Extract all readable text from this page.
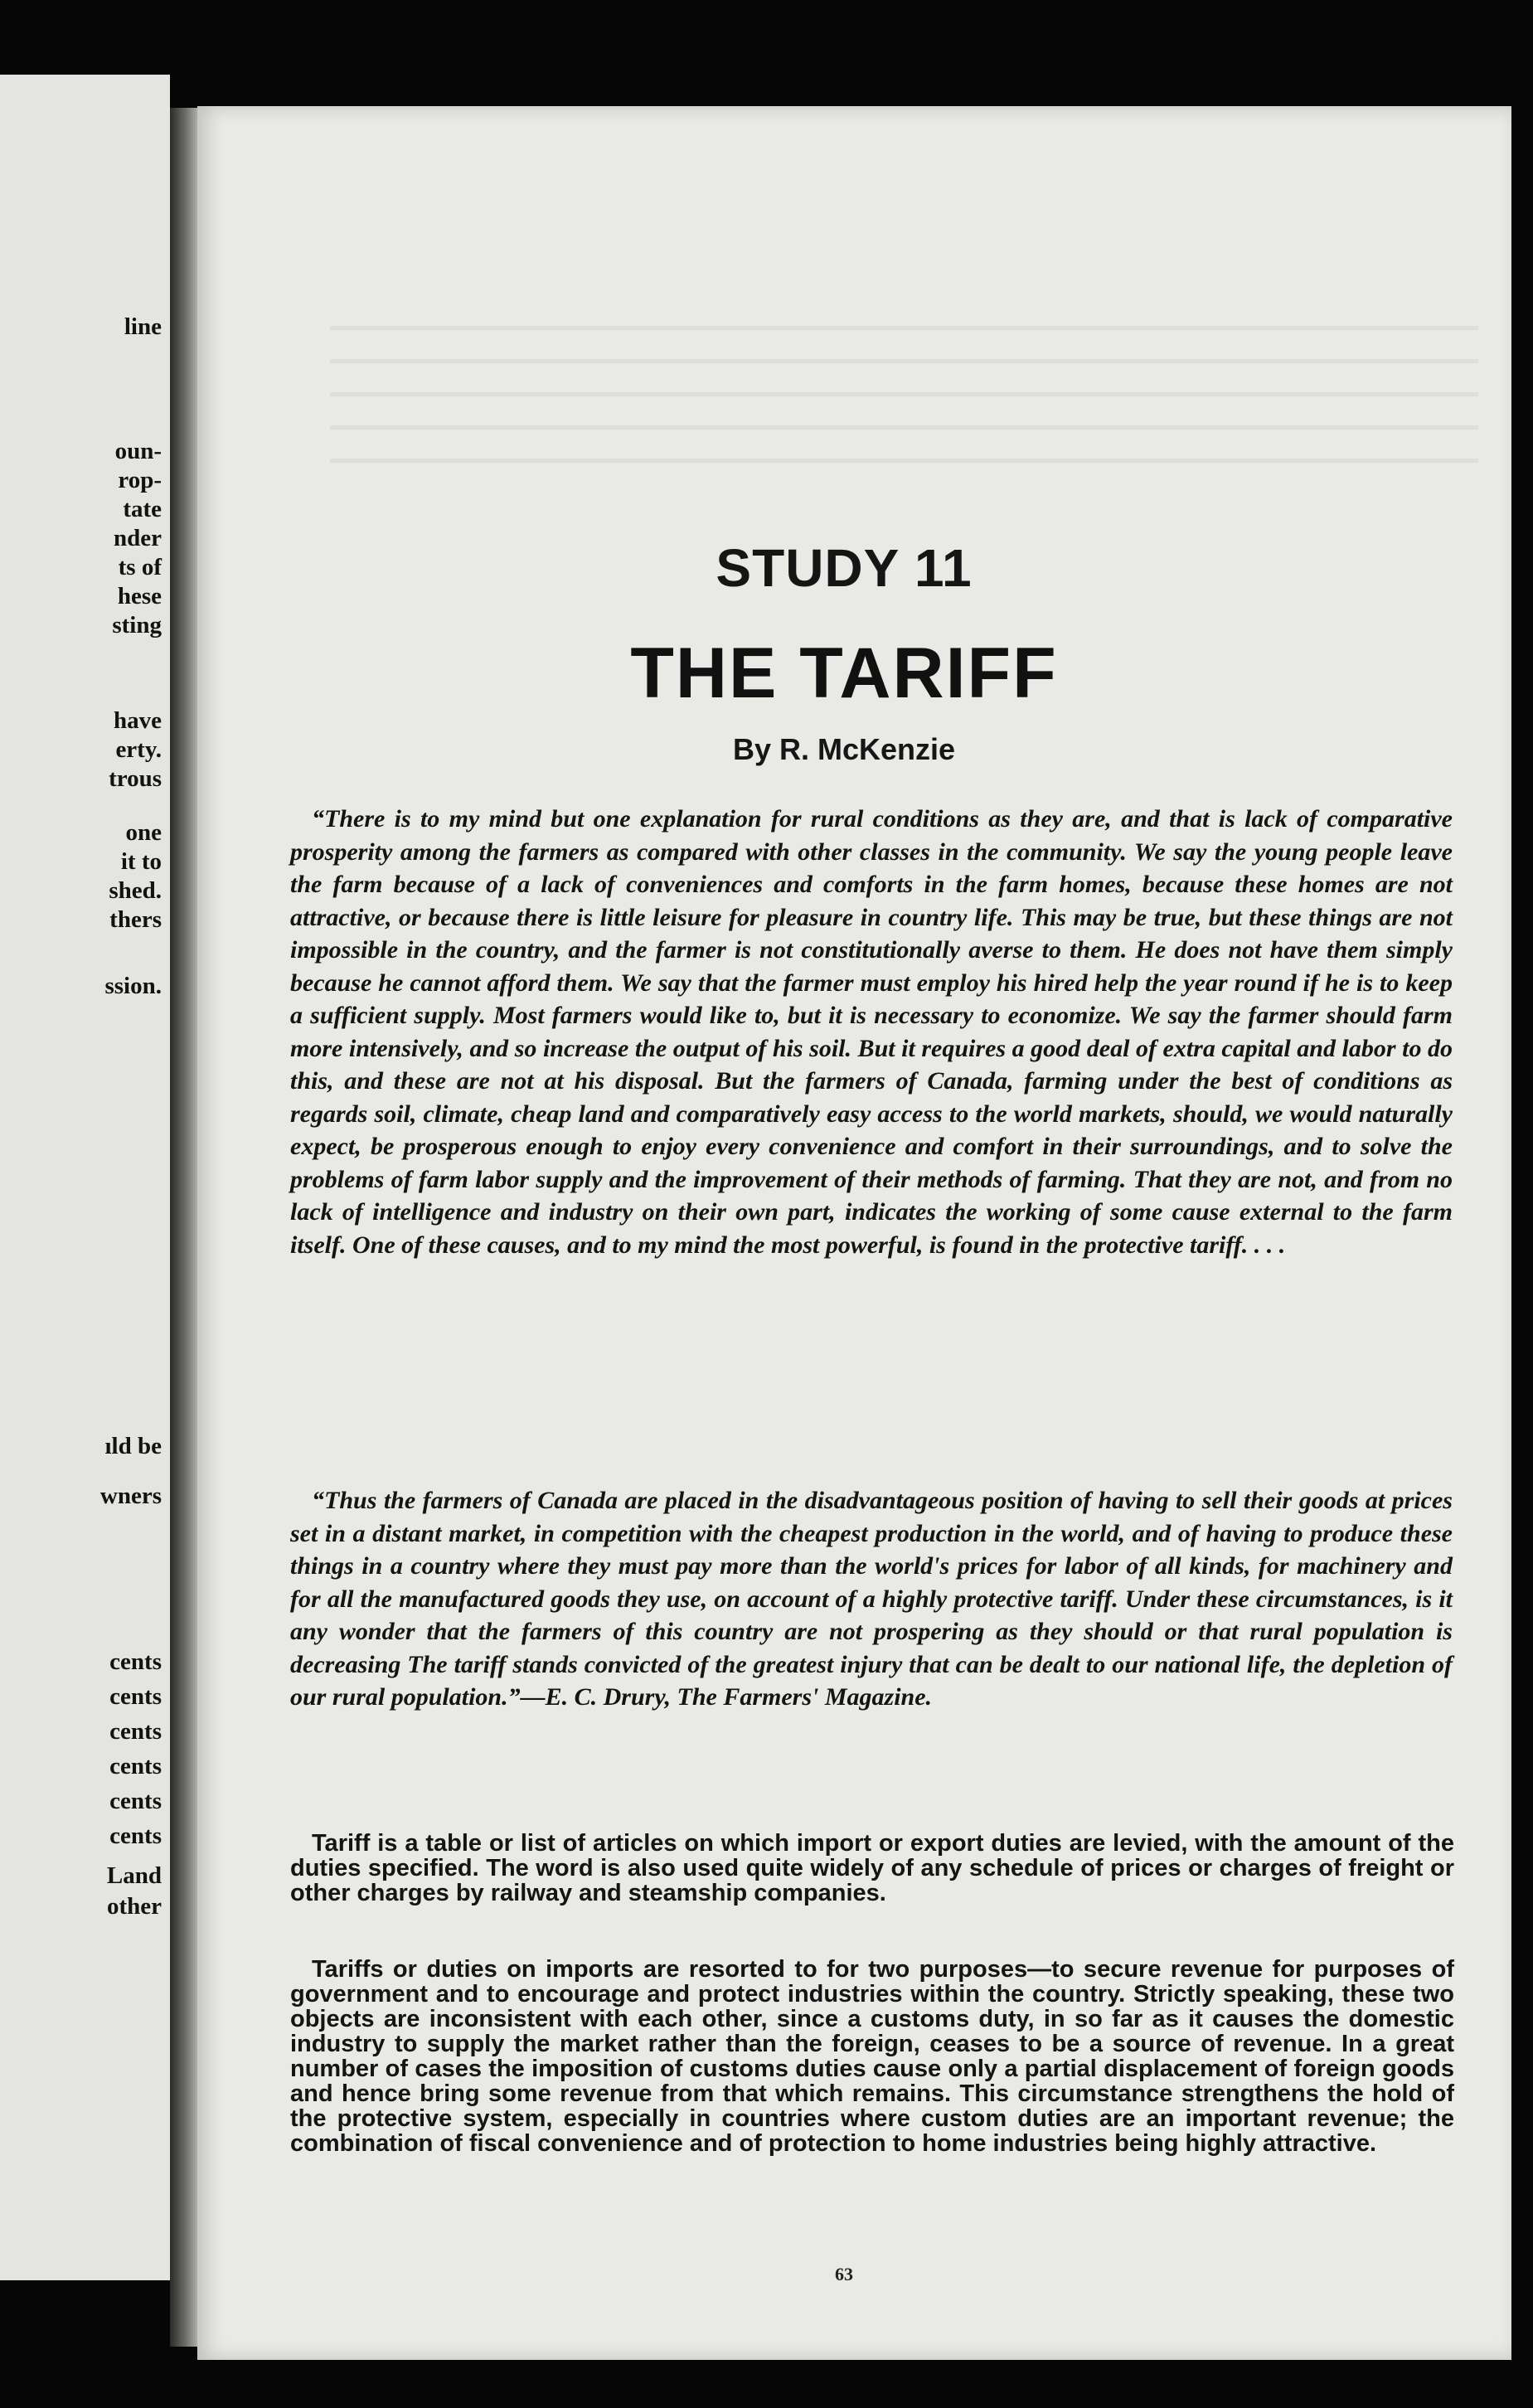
line
oun-
rop-
tate
nder
ts of
hese
sting
have
erty.
trous
one
it to
shed.
thers
ssion.
ıld be
wners
cents
cents
cents
cents
cents
cents
Land
other
STUDY 11
THE TARIFF
By R. McKenzie

“There is to my mind but one explanation for rural conditions as they are, and that is lack of comparative prosperity among the farmers as compared with other classes in the community. We say the young people leave the farm because of a lack of conveniences and comforts in the farm homes, because these homes are not attractive, or because there is little leisure for pleasure in country life. This may be true, but these things are not impossible in the country, and the farmer is not constitutionally averse to them. He does not have them simply because he cannot afford them. We say that the farmer must employ his hired help the year round if he is to keep a sufficient supply. Most farmers would like to, but it is necessary to economize. We say the farmer should farm more intensively, and so increase the output of his soil. But it requires a good deal of extra capital and labor to do this, and these are not at his disposal. But the farmers of Canada, farming under the best of conditions as regards soil, climate, cheap land and comparatively easy access to the world markets, should, we would naturally expect, be prosperous enough to enjoy every convenience and comfort in their surroundings, and to solve the problems of farm labor supply and the improvement of their methods of farming. That they are not, and from no lack of intelligence and industry on their own part, indicates the working of some cause external to the farm itself. One of these causes, and to my mind the most powerful, is found in the protective tariff. . . .

“Thus the farmers of Canada are placed in the disadvantageous position of having to sell their goods at prices set in a distant market, in competition with the cheapest production in the world, and of having to produce these things in a country where they must pay more than the world's prices for labor of all kinds, for machinery and for all the manufactured goods they use, on account of a highly protective tariff. Under these circumstances, is it any wonder that the farmers of this country are not prospering as they should or that rural population is decreasing The tariff stands convicted of the greatest injury that can be dealt to our national life, the depletion of our rural population.”—E. C. Drury, The Farmers' Magazine.

Tariff is a table or list of articles on which import or export duties are levied, with the amount of the duties specified. The word is also used quite widely of any schedule of prices or charges of freight or other charges by railway and steamship companies.

Tariffs or duties on imports are resorted to for two purposes—to secure revenue for purposes of government and to encourage and protect industries within the country. Strictly speaking, these two objects are inconsistent with each other, since a customs duty, in so far as it causes the domestic industry to supply the market rather than the foreign, ceases to be a source of revenue. In a great number of cases the imposition of customs duties cause only a partial displacement of foreign goods and hence bring some revenue from that which remains. This circumstance strengthens the hold of the protective system, especially in countries where custom duties are an important revenue; the combination of fiscal convenience and of protection to home industries being highly attractive.

63
